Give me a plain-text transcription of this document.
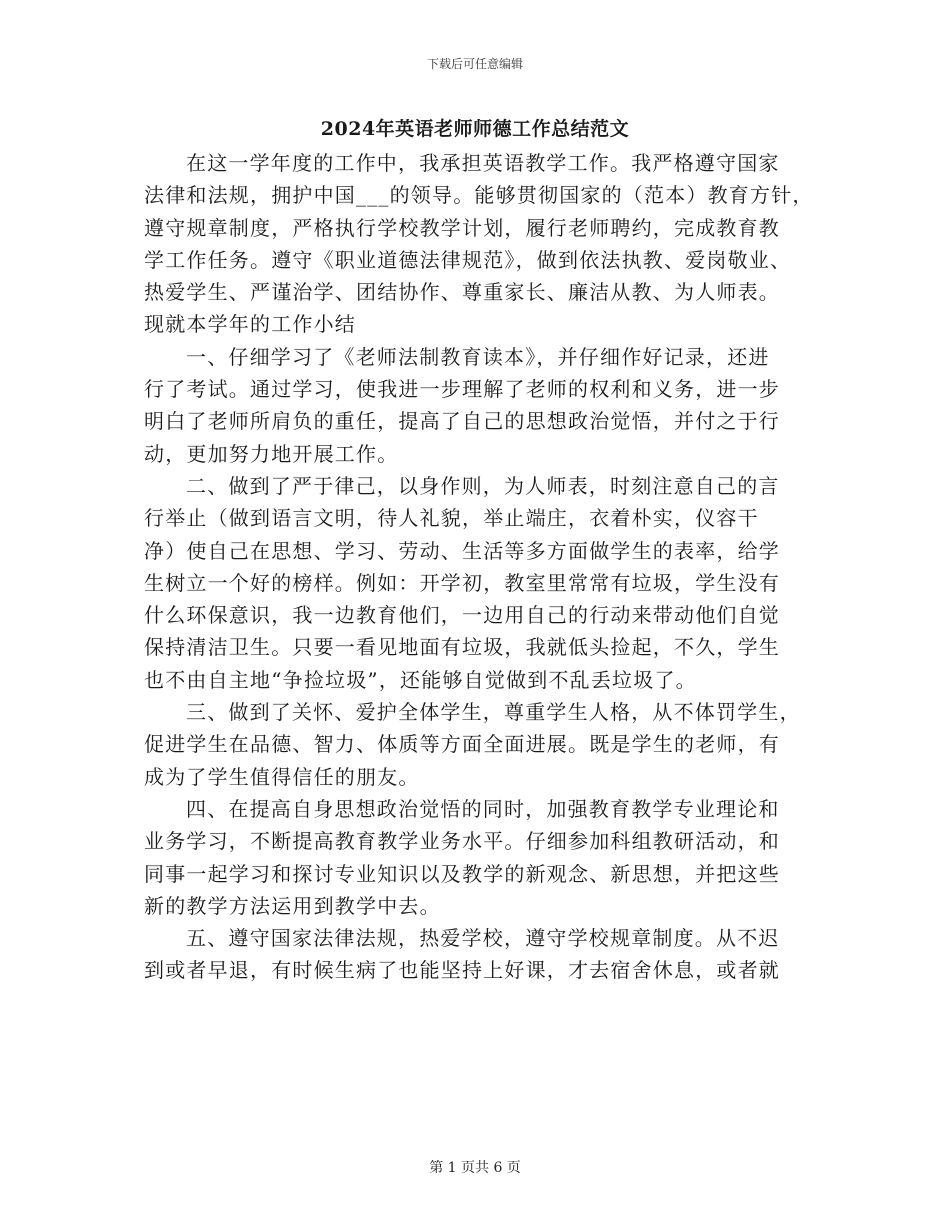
下载后可任意编辑
2024年英语老师师德工作总结范文
在这一学年度的工作中，我承担英语教学工作。我严格遵守国家
法律和法规，拥护中国___的领导。能够贯彻国家的（范本）教育方针，
遵守规章制度，严格执行学校教学计划，履行老师聘约，完成教育教
学工作任务。遵守《职业道德法律规范》，做到依法执教、爱岗敬业、
热爱学生、严谨治学、团结协作、尊重家长、廉洁从教、为人师表。
现就本学年的工作小结
一、仔细学习了《老师法制教育读本》，并仔细作好记录，还进
行了考试。通过学习，使我进一步理解了老师的权利和义务，进一步
明白了老师所肩负的重任，提高了自己的思想政治觉悟，并付之于行
动，更加努力地开展工作。
二、做到了严于律己，以身作则，为人师表，时刻注意自己的言
行举止（做到语言文明，待人礼貌，举止端庄，衣着朴实，仪容干
净）使自己在思想、学习、劳动、生活等多方面做学生的表率，给学
生树立一个好的榜样。例如：开学初，教室里常常有垃圾，学生没有
什么环保意识，我一边教育他们，一边用自己的行动来带动他们自觉
保持清洁卫生。只要一看见地面有垃圾，我就低头捡起，不久，学生
也不由自主地“争捡垃圾”，还能够自觉做到不乱丢垃圾了。
三、做到了关怀、爱护全体学生，尊重学生人格，从不体罚学生，
促进学生在品德、智力、体质等方面全面进展。既是学生的老师，有
成为了学生值得信任的朋友。
四、在提高自身思想政治觉悟的同时，加强教育教学专业理论和
业务学习，不断提高教育教学业务水平。仔细参加科组教研活动，和
同事一起学习和探讨专业知识以及教学的新观念、新思想，并把这些
新的教学方法运用到教学中去。
五、遵守国家法律法规，热爱学校，遵守学校规章制度。从不迟
到或者早退，有时候生病了也能坚持上好课，才去宿舍休息，或者就
第 1 页共 6 页
